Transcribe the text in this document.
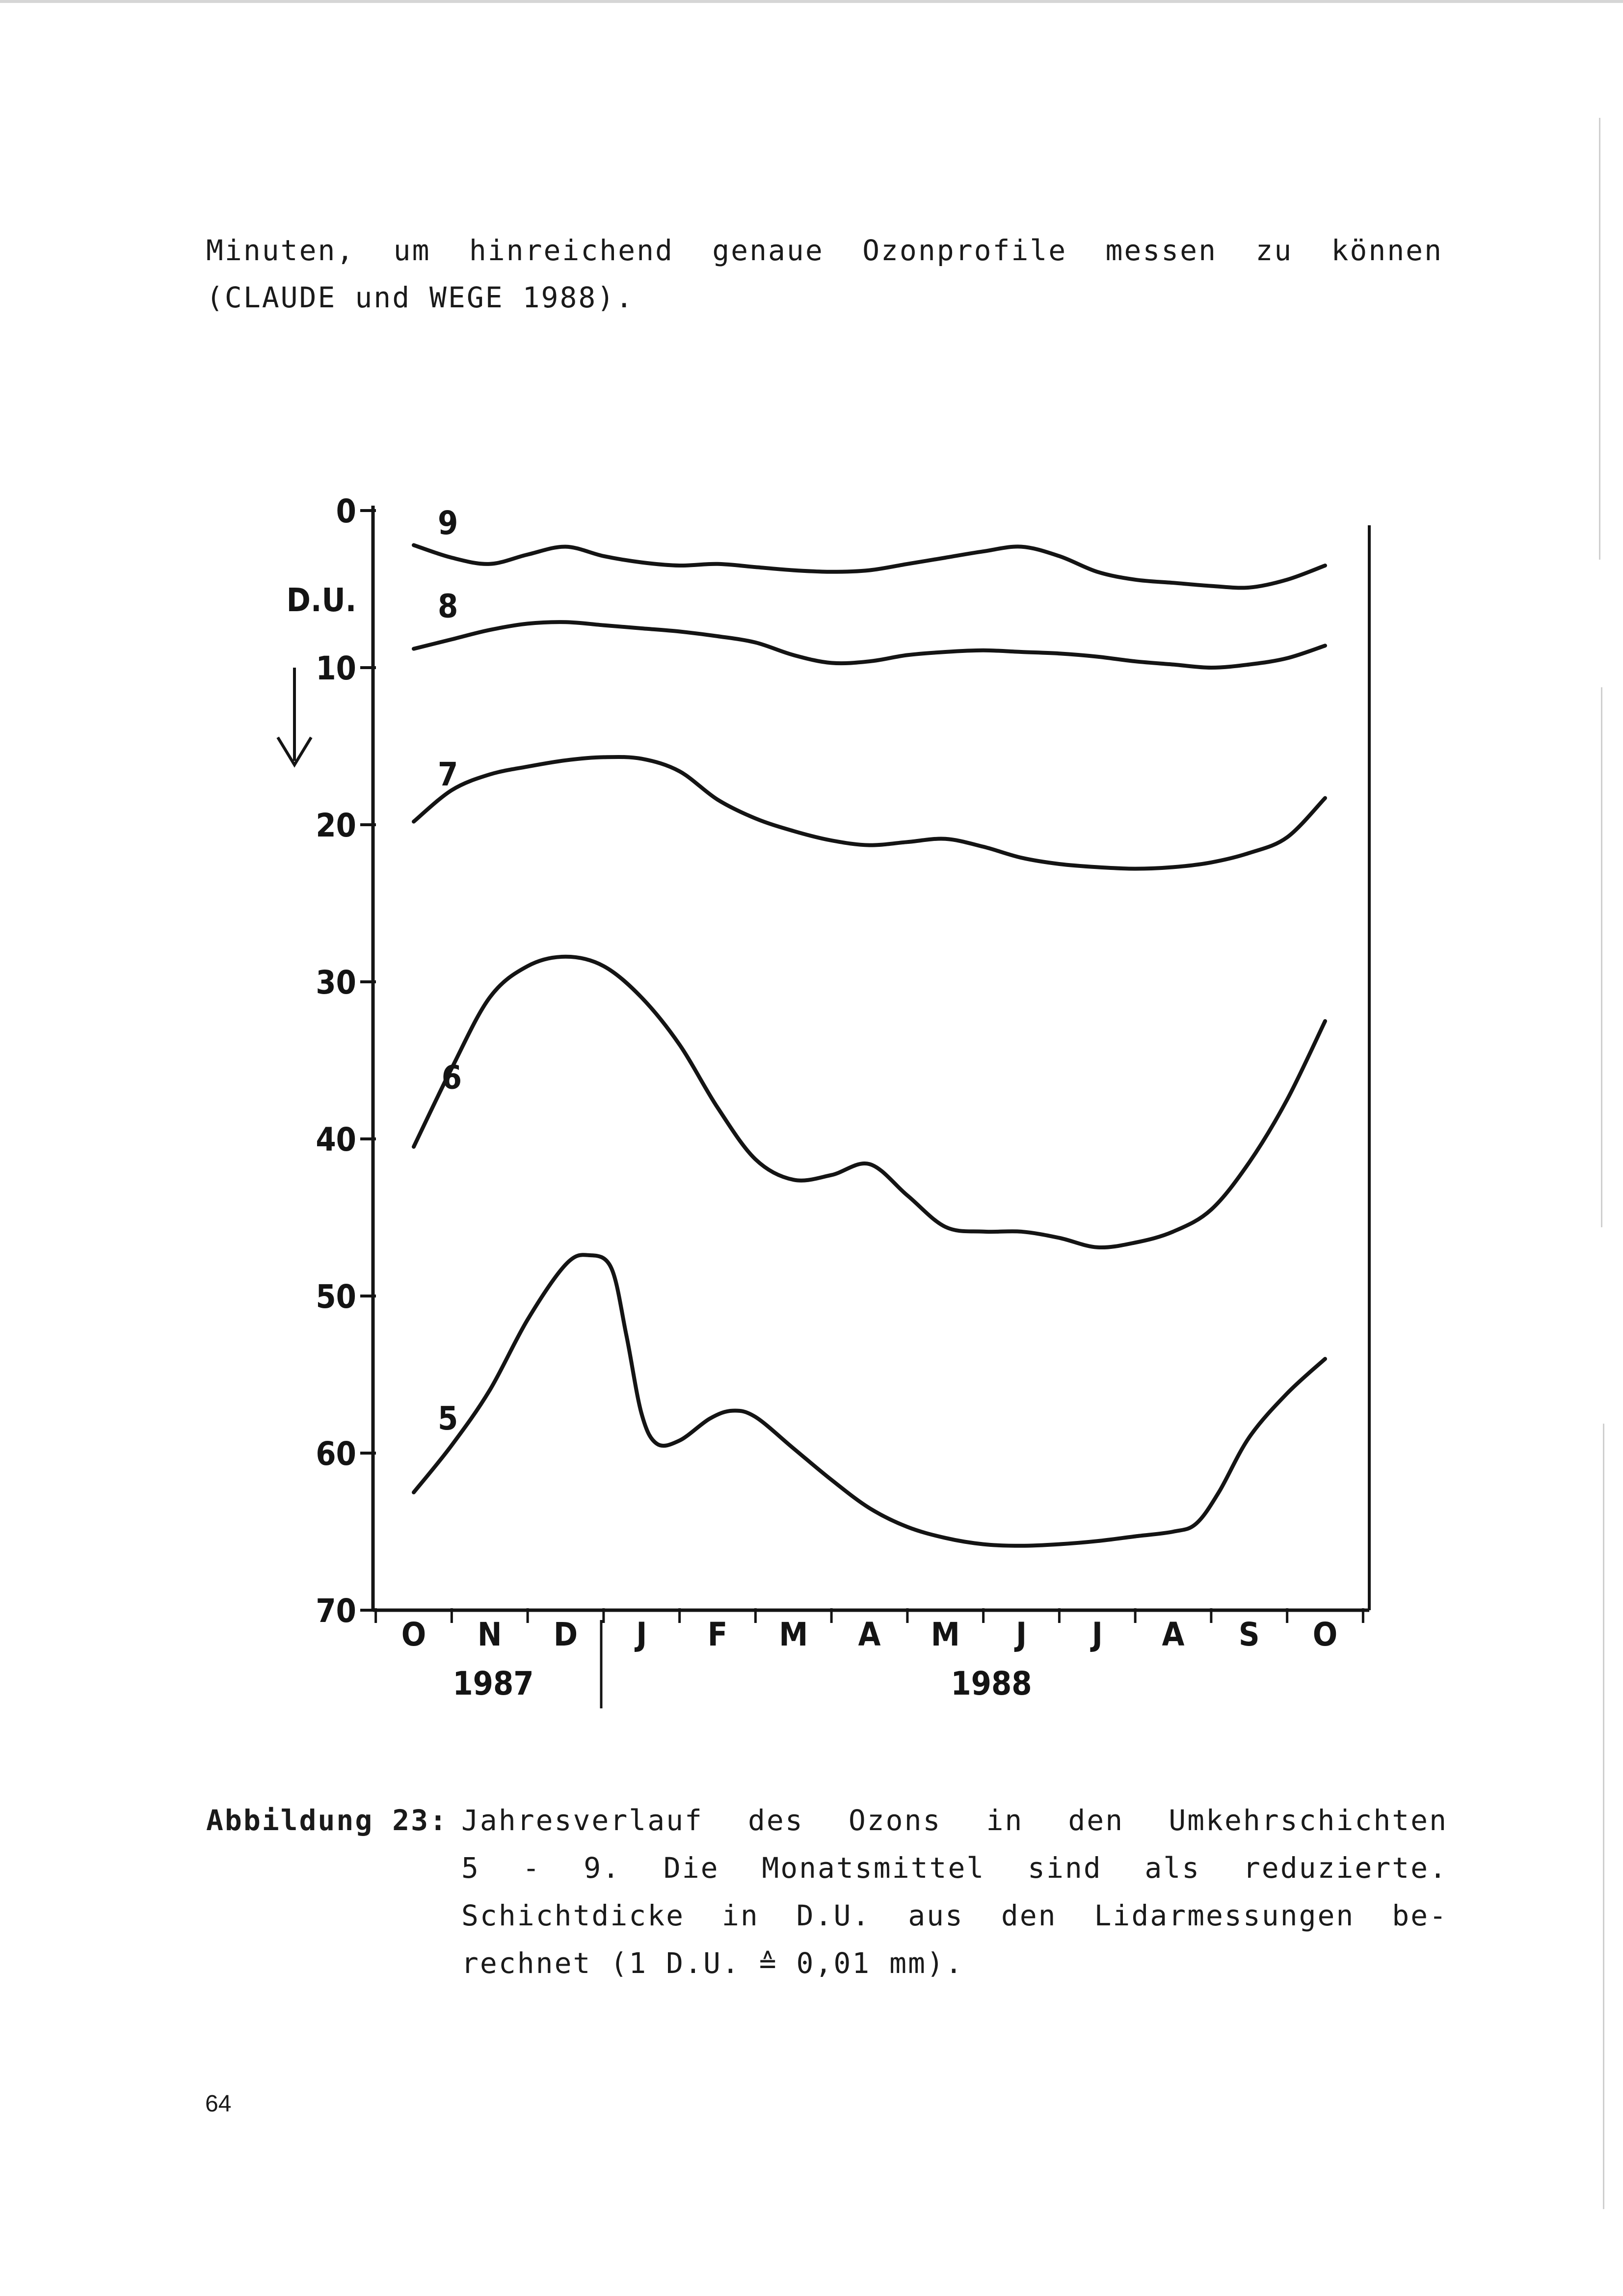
Minuten, um hinreichend genaue Ozonprofile messen zu können
(CLAUDE und WEGE 1988).

0
10
20
30
40
50
60
70
D.U.
O N D J F M A M J J A S O
1987	1988
9
8
7
6
5
Abbildung 23: Jahresverlauf des Ozons in den Umkehrschichten
5 - 9. Die Monatsmittel sind als reduzierte.
Schichtdicke in D.U. aus den Lidarmessungen be-
rechnet (1 D.U. ≙ 0,01 mm).
64
